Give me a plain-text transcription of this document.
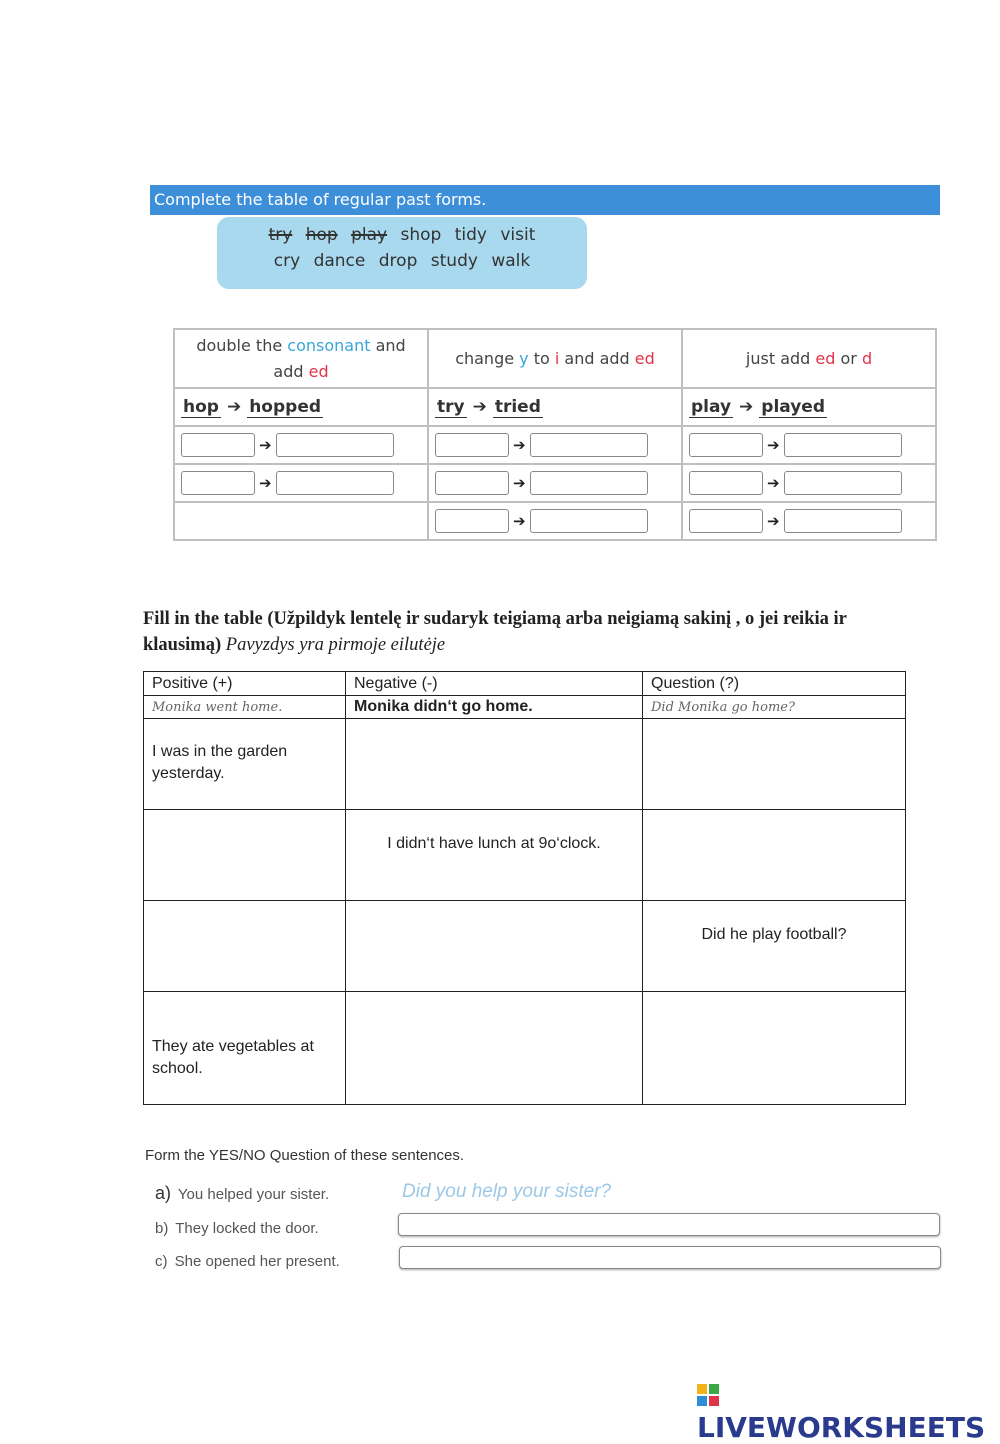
Complete the table of regular past forms.
try hop play shop tidy visit
cry dance drop study walk
double the consonant and
add ed	change y to i and add ed	just add ed or d
hop ➔ hopped	try ➔ tried	play ➔ played
➔	➔	➔
➔	➔	➔
	➔	➔
Fill in the table (Užpildyk lentelę ir sudaryk teigiamą arba neigiamą sakinį , o jei reikia ir klausimą) Pavyzdys yra pirmoje eilutėje
Positive (+)	Negative (-)	Question (?)
Monika went home.	Monika didn‘t go home.	Did Monika go home?
I was in the garden yesterday.		
	I didn‘t have lunch at 9o‘clock.	
		Did he play football?
They ate vegetables at school.		
Form the YES/NO Question of these sentences.
a) You helped your sister.	Did you help your sister?
b) They locked the door.
c) She opened her present.
LIVEWORKSHEETS
